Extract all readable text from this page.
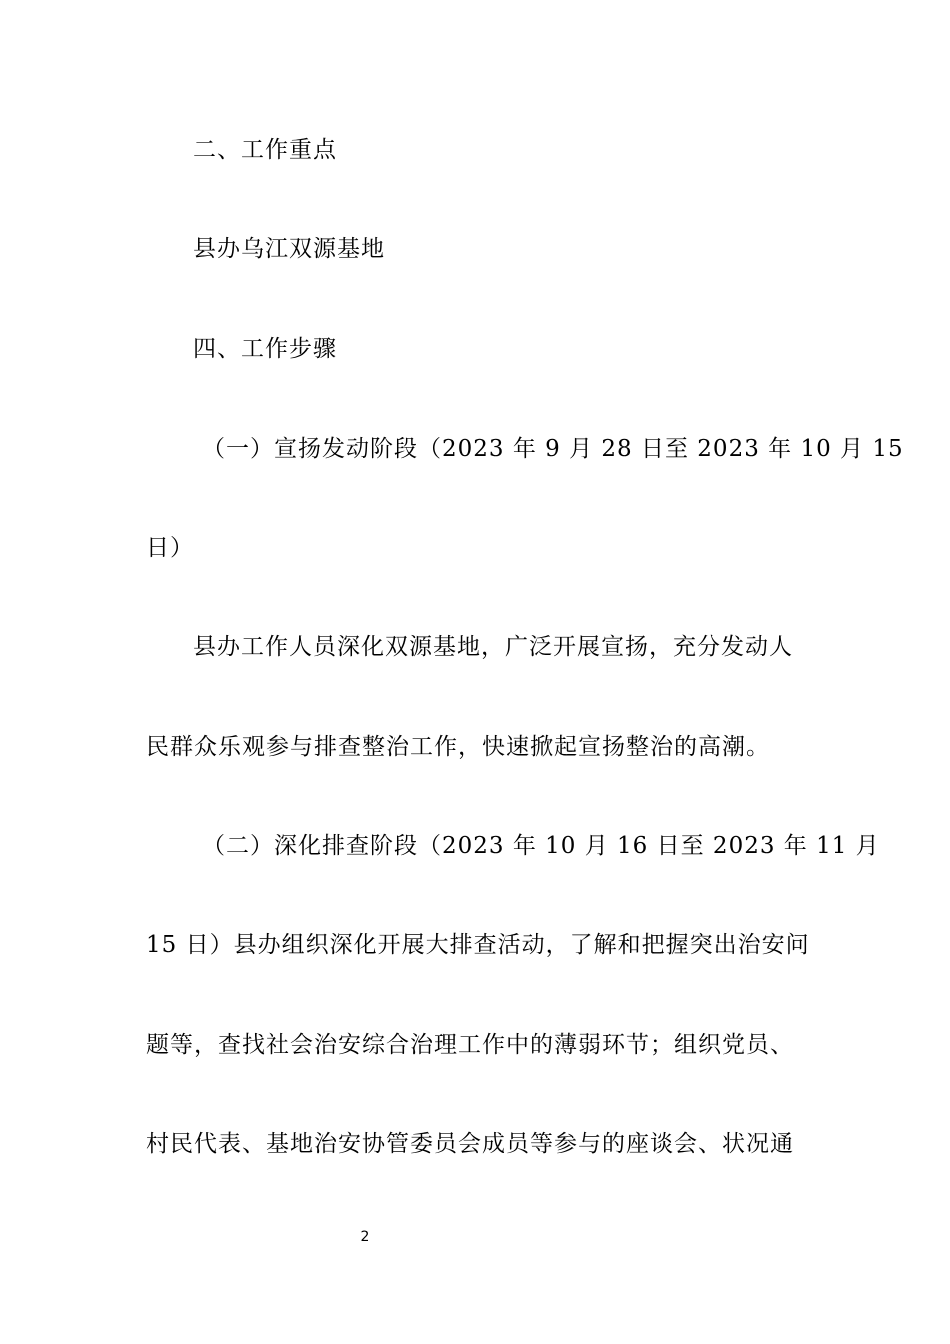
二、工作重点
县办乌江双源基地
四、工作步骤
（一）宣扬发动阶段（2023 年 9 月 28 日至 2023 年 10 月 15
日）
县办工作人员深化双源基地，广泛开展宣扬，充分发动人
民群众乐观参与排查整治工作，快速掀起宣扬整治的高潮。
（二）深化排查阶段（2023 年 10 月 16 日至 2023 年 11 月
15 日）县办组织深化开展大排查活动，了解和把握突出治安问
题等，查找社会治安综合治理工作中的薄弱环节；组织党员、
村民代表、基地治安协管委员会成员等参与的座谈会、状况通
2
